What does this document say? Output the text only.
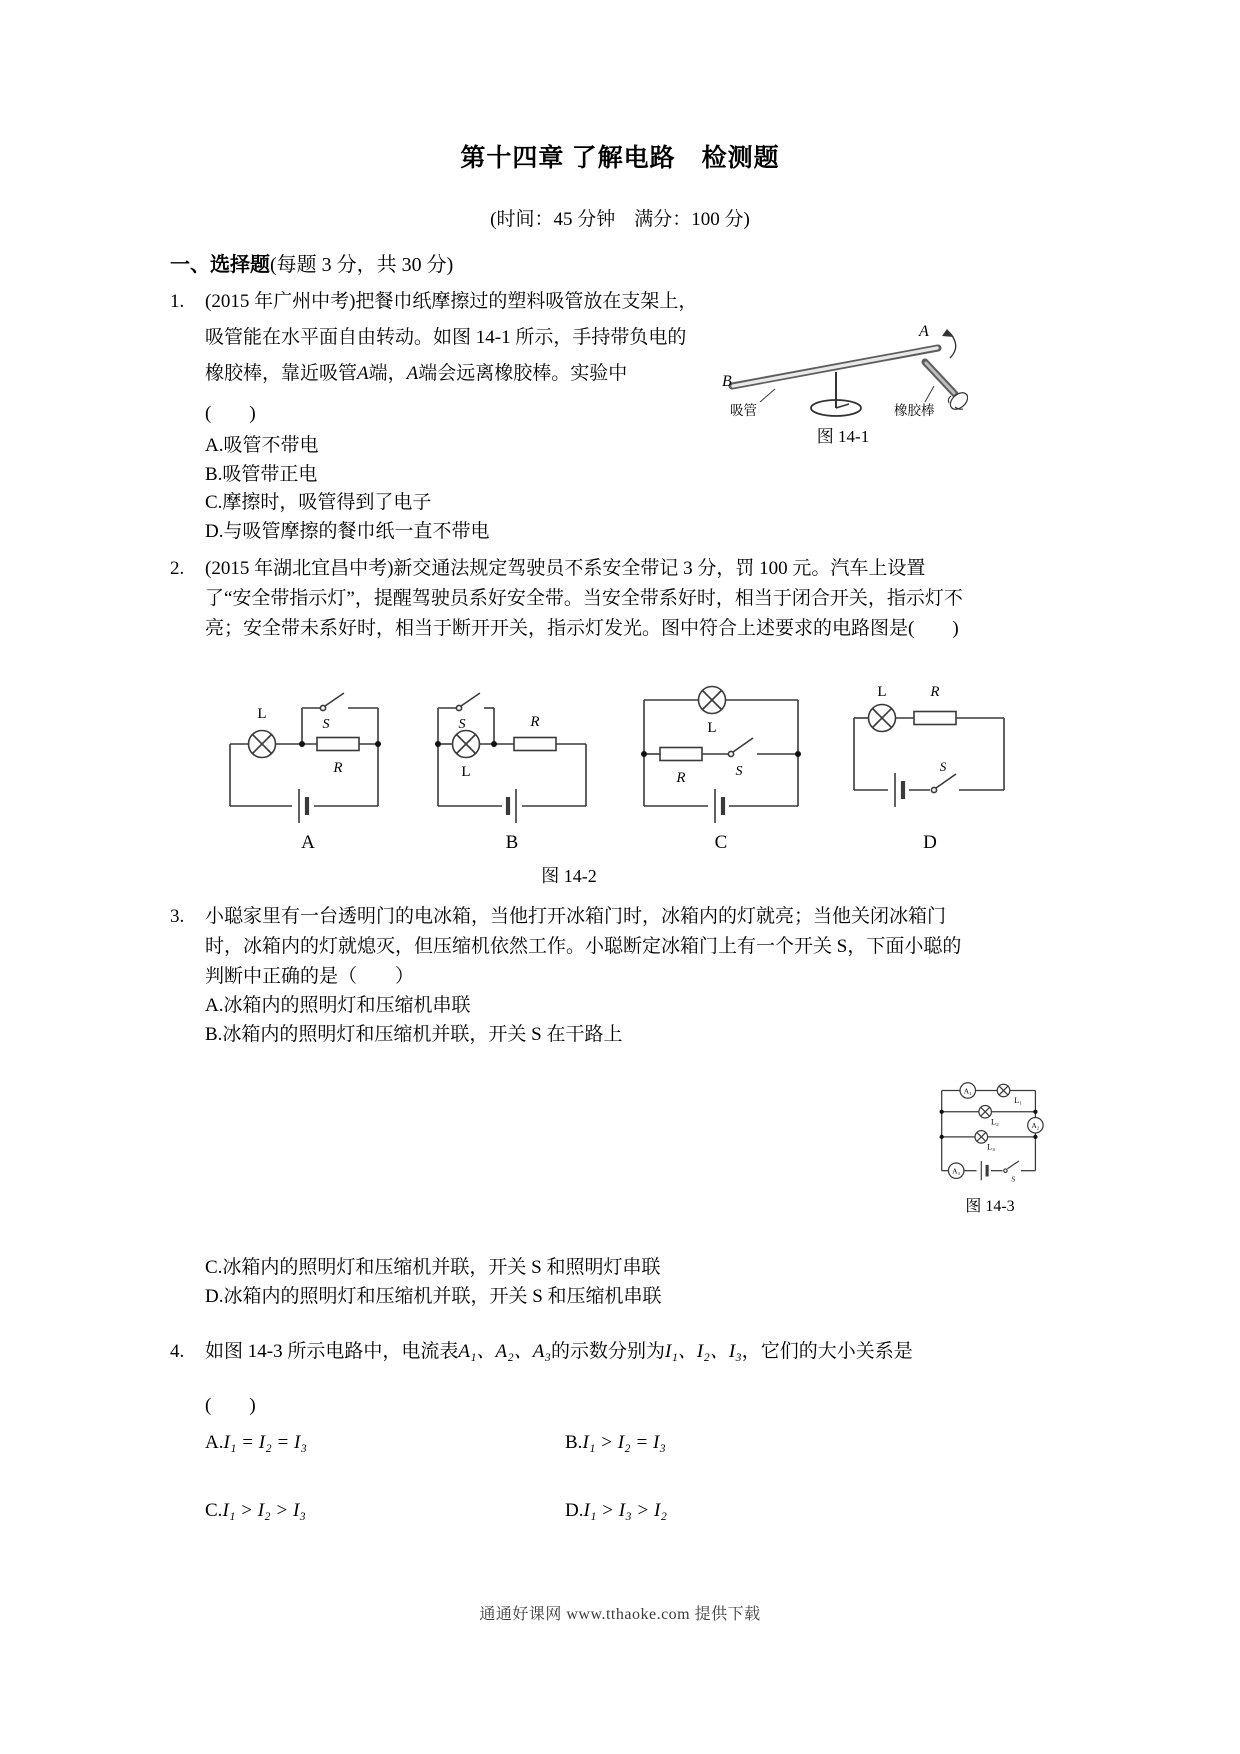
第十四章 了解电路　检测题
(时间：45 分钟　满分：100 分)
一、选择题(每题 3 分，共 30 分)
1.
B
A
吸管	橡胶棒
图 14-1
(2015 年广州中考)把餐巾纸摩擦过的塑料吸管放在支架上，吸管能在水平面自由转动。如图 14-1 所示，手持带负电的橡胶棒，靠近吸管A端，A端会远离橡胶棒。实验中
(　　)
A.吸管不带电
B.吸管带正电
C.摩擦时，吸管得到了电子
D.与吸管摩擦的餐巾纸一直不带电
2.	(2015 年湖北宜昌中考)新交通法规定驾驶员不系安全带记 3 分，罚 100 元。汽车上设置了“安全带指示灯”，提醒驾驶员系好安全带。当安全带系好时，相当于闭合开关，指示灯不亮；安全带未系好时，相当于断开开关，指示灯发光。图中符合上述要求的电路图是(　　)
L
R
S
A
L
R
S
B
L
R	S
C
L	R
S
D
图 14-2
3.	小聪家里有一台透明门的电冰箱，当他打开冰箱门时，冰箱内的灯就亮；当他关闭冰箱门时，冰箱内的灯就熄灭，但压缩机依然工作。小聪断定冰箱门上有一个开关 S，下面小聪的判断中正确的是（　　）
A.冰箱内的照明灯和压缩机串联
B.冰箱内的照明灯和压缩机并联，开关 S 在干路上
A₁
L₁
L₂
L₃
A₂
A₃
S
图 14-3
C.冰箱内的照明灯和压缩机并联，开关 S 和照明灯串联
D.冰箱内的照明灯和压缩机并联，开关 S 和压缩机串联
4.	如图 14-3 所示电路中，电流表A₁、A₂、A₃的示数分别为I₁、I₂、I₃，它们的大小关系是
(　　)
A.I₁ = I₂ = I₃	B.I₁ > I₂ = I₃
C.I₁ > I₂ > I₃	D.I₁ > I₃ > I₂
通通好课网 www.tthaoke.com 提供下载
